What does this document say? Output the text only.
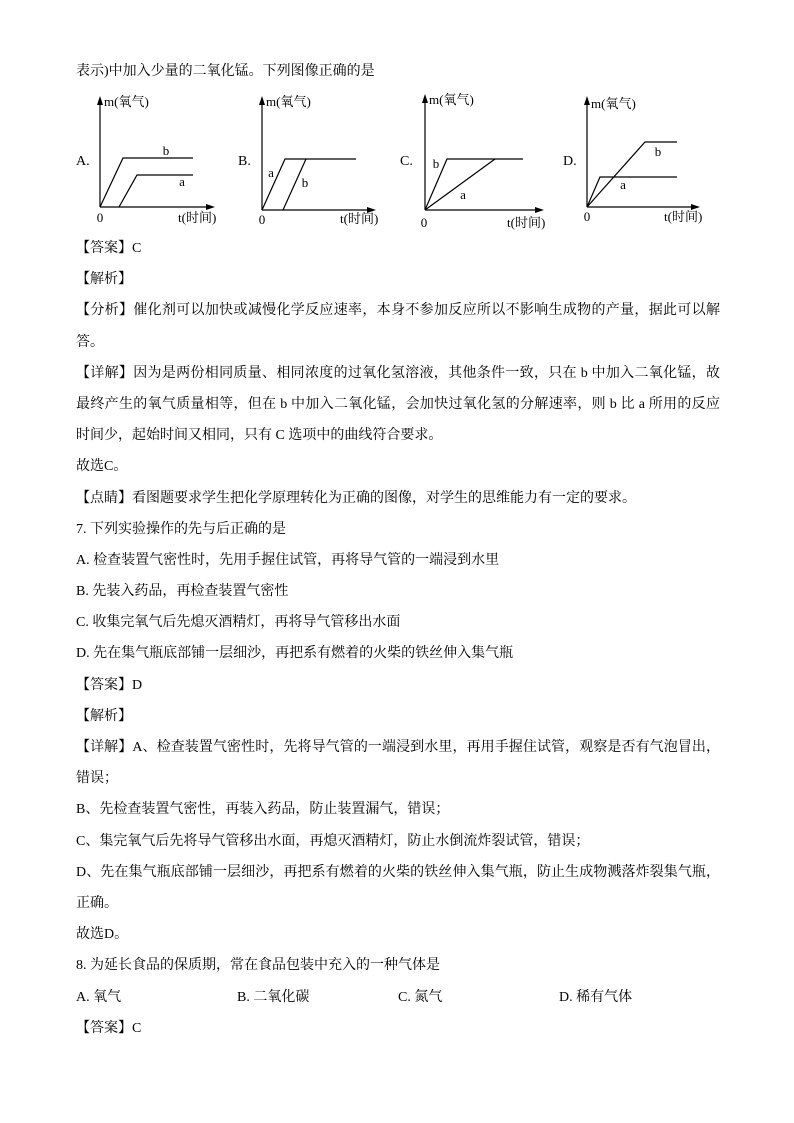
表示)中加入少量的二氧化锰。下列图像正确的是
A.
m(氧气)
0	t(时间)
b
a
B.
m(氧气)
0	t(时间)
a
b
C.
m(氧气)
0	t(时间)
b
a
D.
m(氧气)
0	t(时间)
b
a
【答案】C
【解析】
【分析】催化剂可以加快或减慢化学反应速率，本身不参加反应所以不影响生成物的产量，据此可以解
答。
【详解】因为是两份相同质量、相同浓度的过氧化氢溶液，其他条件一致，只在 b 中加入二氧化锰，故
最终产生的氧气质量相等，但在 b 中加入二氧化锰，会加快过氧化氢的分解速率，则 b 比 a 所用的反应
时间少，起始时间又相同，只有 C 选项中的曲线符合要求。
故选C。
【点睛】看图题要求学生把化学原理转化为正确的图像，对学生的思维能力有一定的要求。
7. 下列实验操作的先与后正确的是
A. 检查装置气密性时，先用手握住试管，再将导气管的一端浸到水里
B. 先装入药品，再检查装置气密性
C. 收集完氧气后先熄灭酒精灯，再将导气管移出水面
D. 先在集气瓶底部铺一层细沙，再把系有燃着的火柴的铁丝伸入集气瓶
【答案】D
【解析】
【详解】A、检查装置气密性时，先将导气管的一端浸到水里，再用手握住试管，观察是否有气泡冒出，
错误；
B、先检查装置气密性，再装入药品，防止装置漏气，错误；
C、集完氧气后先将导气管移出水面，再熄灭酒精灯，防止水倒流炸裂试管，错误；
D、先在集气瓶底部铺一层细沙，再把系有燃着的火柴的铁丝伸入集气瓶，防止生成物溅落炸裂集气瓶，
正确。
故选D。
8. 为延长食品的保质期，常在食品包装中充入的一种气体是
A. 氧气	B. 二氧化碳	C. 氮气	D. 稀有气体
【答案】C
